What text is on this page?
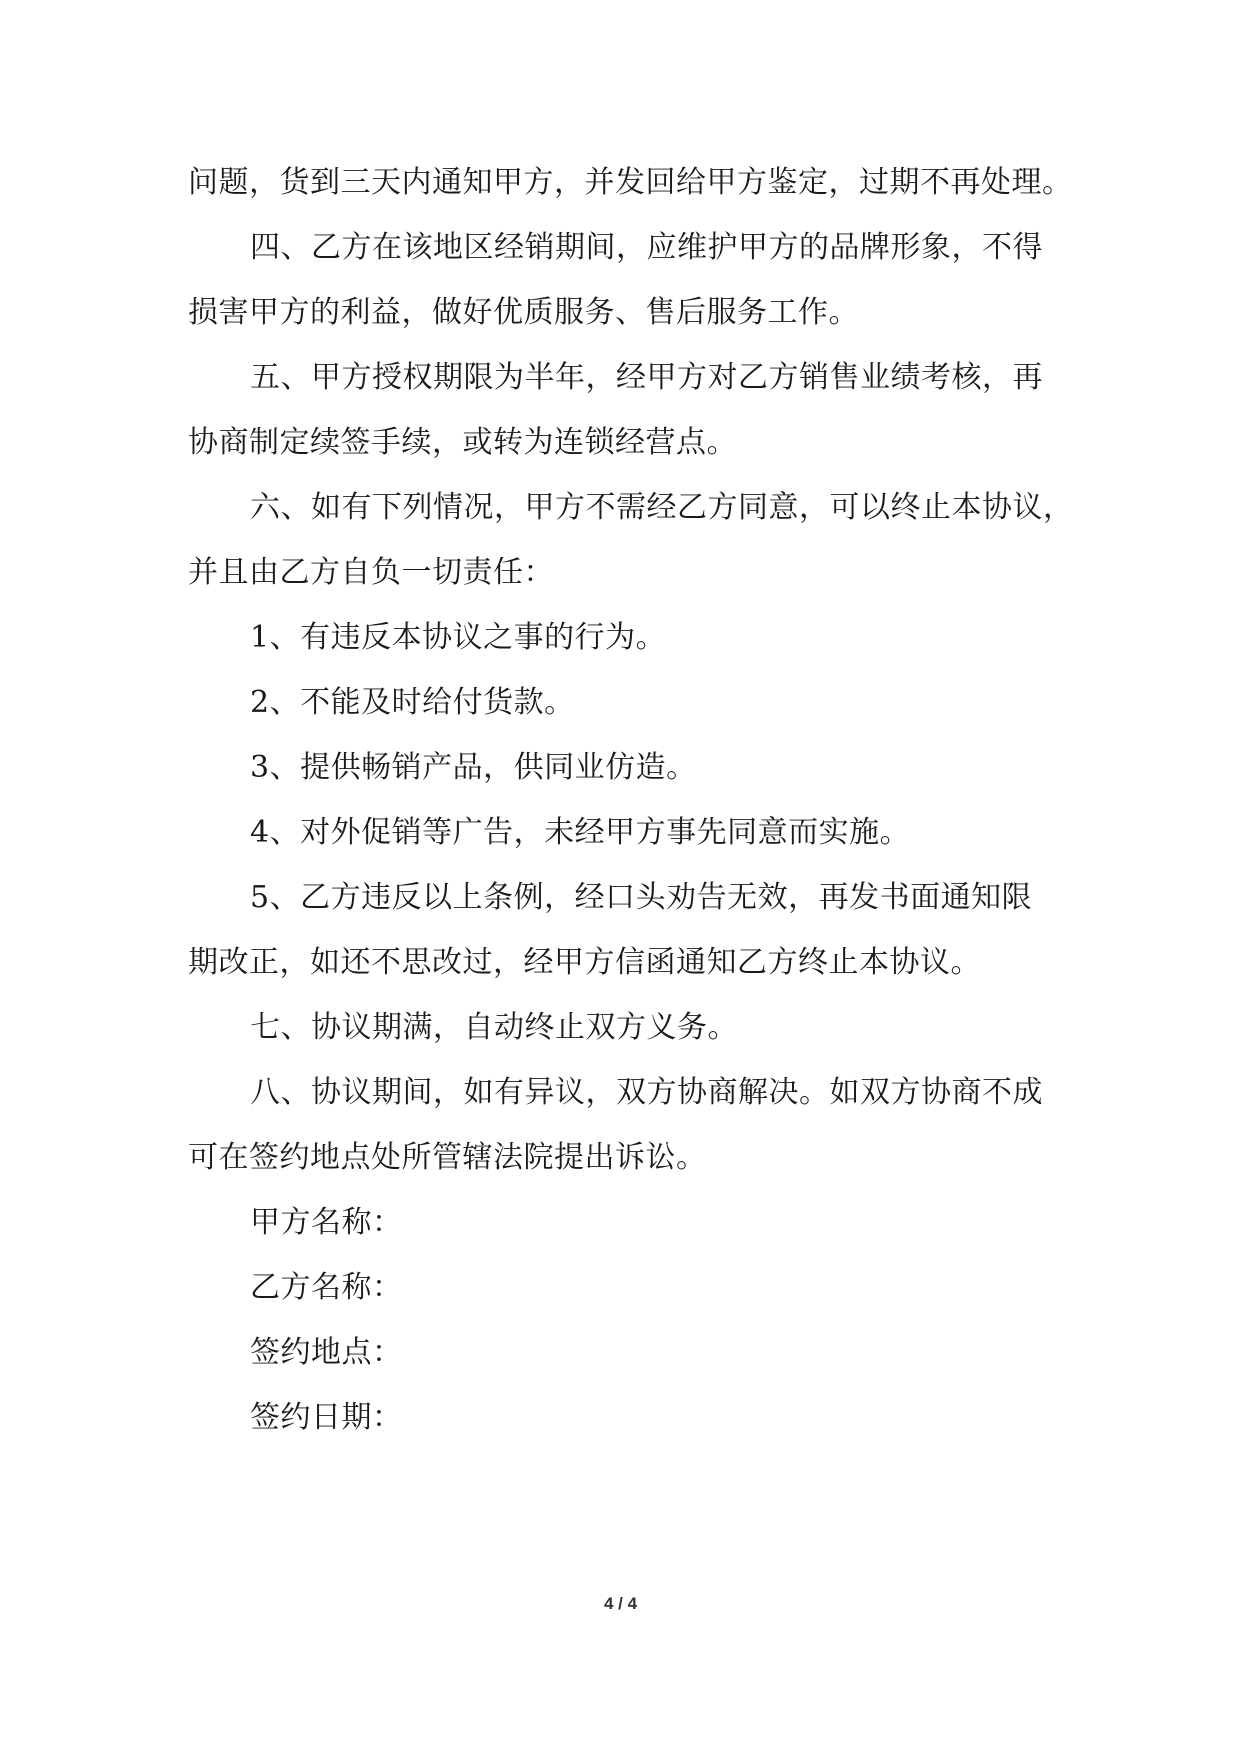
问题，货到三天内通知甲方，并发回给甲方鉴定，过期不再处理。
四、乙方在该地区经销期间，应维护甲方的品牌形象，不得
损害甲方的利益，做好优质服务、售后服务工作。
五、甲方授权期限为半年，经甲方对乙方销售业绩考核，再
协商制定续签手续，或转为连锁经营点。
六、如有下列情况，甲方不需经乙方同意，可以终止本协议，
并且由乙方自负一切责任：
1、有违反本协议之事的行为。
2、不能及时给付货款。
3、提供畅销产品，供同业仿造。
4、对外促销等广告，未经甲方事先同意而实施。
5、乙方违反以上条例，经口头劝告无效，再发书面通知限
期改正，如还不思改过，经甲方信函通知乙方终止本协议。
七、协议期满，自动终止双方义务。
八、协议期间，如有异议，双方协商解决。如双方协商不成
可在签约地点处所管辖法院提出诉讼。
甲方名称：
乙方名称：
签约地点：
签约日期：
4 / 4
